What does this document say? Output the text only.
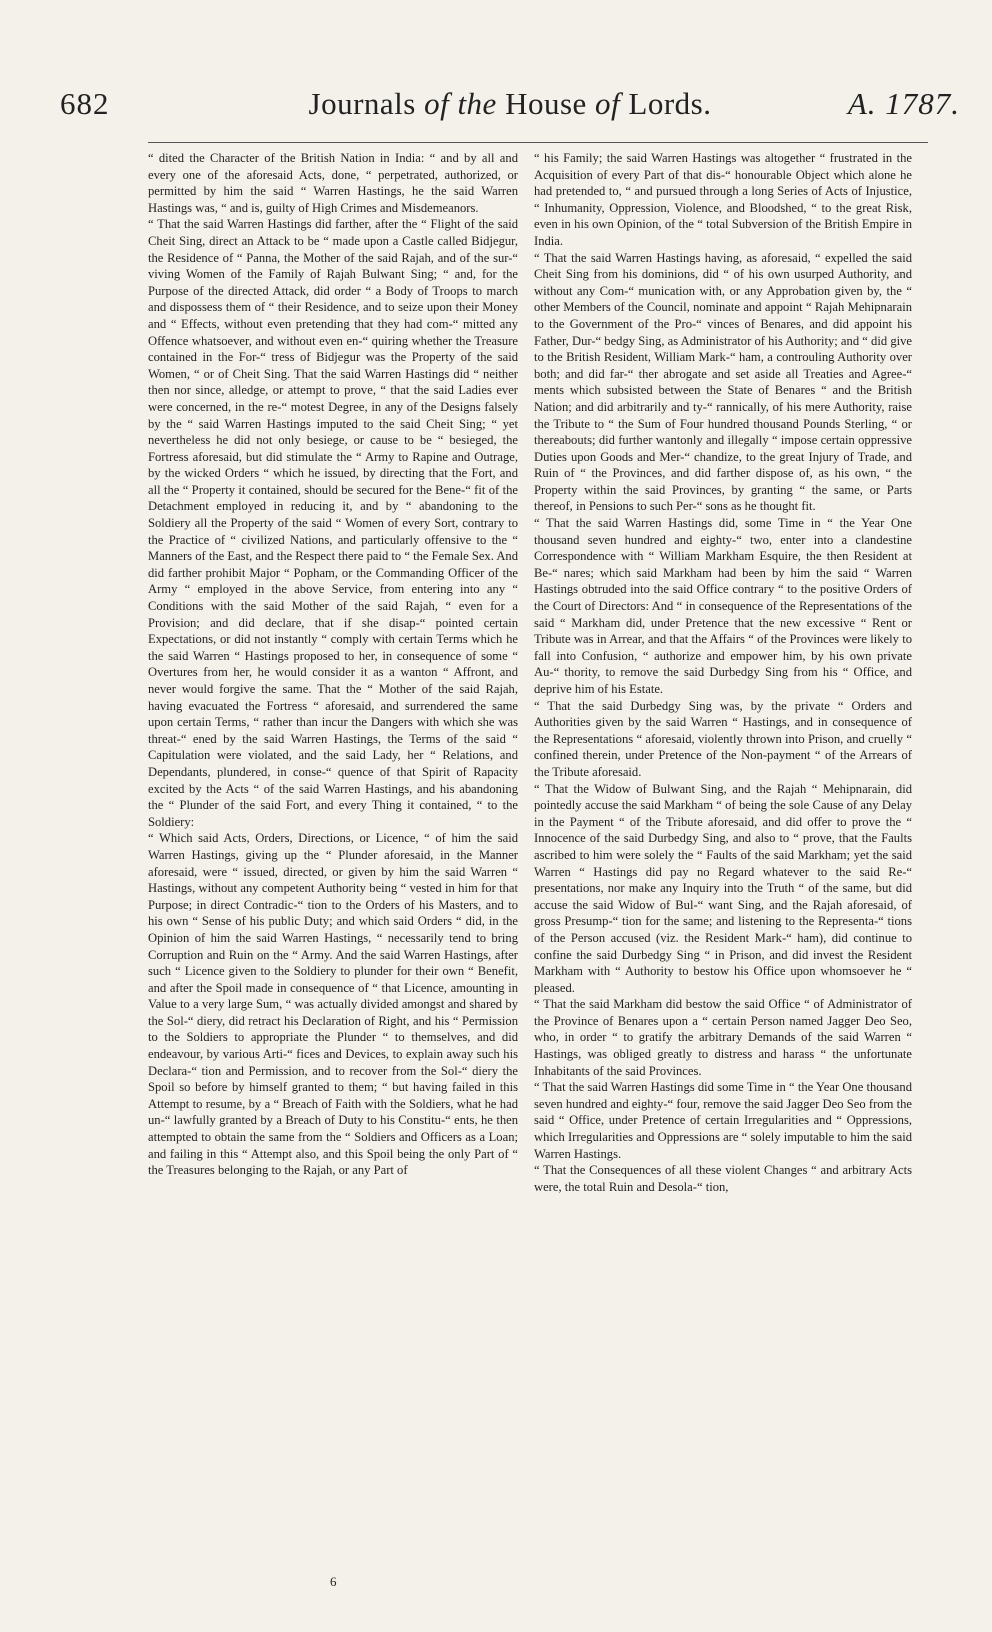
682	Journals of the House of Lords.	A. 1787.

“ dited the Character of the British Nation in India: “ and by all and every one of the aforesaid Acts, done, “ perpetrated, authorized, or permitted by him the said “ Warren Hastings, he the said Warren Hastings was, “ and is, guilty of High Crimes and Misdemeanors.

“ That the said Warren Hastings did farther, after the “ Flight of the said Cheit Sing, direct an Attack to be “ made upon a Castle called Bidjegur, the Residence of “ Panna, the Mother of the said Rajah, and of the sur-“ viving Women of the Family of Rajah Bulwant Sing; “ and, for the Purpose of the directed Attack, did order “ a Body of Troops to march and dispossess them of “ their Residence, and to seize upon their Money and “ Effects, without even pretending that they had com-“ mitted any Offence whatsoever, and without even en-“ quiring whether the Treasure contained in the For-“ tress of Bidjegur was the Property of the said Women, “ or of Cheit Sing. That the said Warren Hastings did “ neither then nor since, alledge, or attempt to prove, “ that the said Ladies ever were concerned, in the re-“ motest Degree, in any of the Designs falsely by the “ said Warren Hastings imputed to the said Cheit Sing; “ yet nevertheless he did not only besiege, or cause to be “ besieged, the Fortress aforesaid, but did stimulate the “ Army to Rapine and Outrage, by the wicked Orders “ which he issued, by directing that the Fort, and all the “ Property it contained, should be secured for the Bene-“ fit of the Detachment employed in reducing it, and by “ abandoning to the Soldiery all the Property of the said “ Women of every Sort, contrary to the Practice of “ civilized Nations, and particularly offensive to the “ Manners of the East, and the Respect there paid to “ the Female Sex. And did farther prohibit Major “ Popham, or the Commanding Officer of the Army “ employed in the above Service, from entering into any “ Conditions with the said Mother of the said Rajah, “ even for a Provision; and did declare, that if she disap-“ pointed certain Expectations, or did not instantly “ comply with certain Terms which he the said Warren “ Hastings proposed to her, in consequence of some “ Overtures from her, he would consider it as a wanton “ Affront, and never would forgive the same. That the “ Mother of the said Rajah, having evacuated the Fortress “ aforesaid, and surrendered the same upon certain Terms, “ rather than incur the Dangers with which she was threat-“ ened by the said Warren Hastings, the Terms of the said “ Capitulation were violated, and the said Lady, her “ Relations, and Dependants, plundered, in conse-“ quence of that Spirit of Rapacity excited by the Acts “ of the said Warren Hastings, and his abandoning the “ Plunder of the said Fort, and every Thing it contained, “ to the Soldiery:

“ Which said Acts, Orders, Directions, or Licence, “ of him the said Warren Hastings, giving up the “ Plunder aforesaid, in the Manner aforesaid, were “ issued, directed, or given by him the said Warren “ Hastings, without any competent Authority being “ vested in him for that Purpose; in direct Contradic-“ tion to the Orders of his Masters, and to his own “ Sense of his public Duty; and which said Orders “ did, in the Opinion of him the said Warren Hastings, “ necessarily tend to bring Corruption and Ruin on the “ Army. And the said Warren Hastings, after such “ Licence given to the Soldiery to plunder for their own “ Benefit, and after the Spoil made in consequence of “ that Licence, amounting in Value to a very large Sum, “ was actually divided amongst and shared by the Sol-“ diery, did retract his Declaration of Right, and his “ Permission to the Soldiers to appropriate the Plunder “ to themselves, and did endeavour, by various Arti-“ fices and Devices, to explain away such his Declara-“ tion and Permission, and to recover from the Sol-“ diery the Spoil so before by himself granted to them; “ but having failed in this Attempt to resume, by a “ Breach of Faith with the Soldiers, what he had un-“ lawfully granted by a Breach of Duty to his Constitu-“ ents, he then attempted to obtain the same from the “ Soldiers and Officers as a Loan; and failing in this “ Attempt also, and this Spoil being the only Part of “ the Treasures belonging to the Rajah, or any Part of

“ his Family; the said Warren Hastings was altogether “ frustrated in the Acquisition of every Part of that dis-“ honourable Object which alone he had pretended to, “ and pursued through a long Series of Acts of Injustice, “ Inhumanity, Oppression, Violence, and Bloodshed, “ to the great Risk, even in his own Opinion, of the “ total Subversion of the British Empire in India.

“ That the said Warren Hastings having, as aforesaid, “ expelled the said Cheit Sing from his dominions, did “ of his own usurped Authority, and without any Com-“ munication with, or any Approbation given by, the “ other Members of the Council, nominate and appoint “ Rajah Mehipnarain to the Government of the Pro-“ vinces of Benares, and did appoint his Father, Dur-“ bedgy Sing, as Administrator of his Authority; and “ did give to the British Resident, William Mark-“ ham, a controuling Authority over both; and did far-“ ther abrogate and set aside all Treaties and Agree-“ ments which subsisted between the State of Benares “ and the British Nation; and did arbitrarily and ty-“ rannically, of his mere Authority, raise the Tribute to “ the Sum of Four hundred thousand Pounds Sterling, “ or thereabouts; did further wantonly and illegally “ impose certain oppressive Duties upon Goods and Mer-“ chandize, to the great Injury of Trade, and Ruin of “ the Provinces, and did farther dispose of, as his own, “ the Property within the said Provinces, by granting “ the same, or Parts thereof, in Pensions to such Per-“ sons as he thought fit.

“ That the said Warren Hastings did, some Time in “ the Year One thousand seven hundred and eighty-“ two, enter into a clandestine Correspondence with “ William Markham Esquire, the then Resident at Be-“ nares; which said Markham had been by him the said “ Warren Hastings obtruded into the said Office contrary “ to the positive Orders of the Court of Directors: And “ in consequence of the Representations of the said “ Markham did, under Pretence that the new excessive “ Rent or Tribute was in Arrear, and that the Affairs “ of the Provinces were likely to fall into Confusion, “ authorize and empower him, by his own private Au-“ thority, to remove the said Durbedgy Sing from his “ Office, and deprive him of his Estate.

“ That the said Durbedgy Sing was, by the private “ Orders and Authorities given by the said Warren “ Hastings, and in consequence of the Representations “ aforesaid, violently thrown into Prison, and cruelly “ confined therein, under Pretence of the Non-payment “ of the Arrears of the Tribute aforesaid.

“ That the Widow of Bulwant Sing, and the Rajah “ Mehipnarain, did pointedly accuse the said Markham “ of being the sole Cause of any Delay in the Payment “ of the Tribute aforesaid, and did offer to prove the “ Innocence of the said Durbedgy Sing, and also to “ prove, that the Faults ascribed to him were solely the “ Faults of the said Markham; yet the said Warren “ Hastings did pay no Regard whatever to the said Re-“ presentations, nor make any Inquiry into the Truth “ of the same, but did accuse the said Widow of Bul-“ want Sing, and the Rajah aforesaid, of gross Presump-“ tion for the same; and listening to the Representa-“ tions of the Person accused (viz. the Resident Mark-“ ham), did continue to confine the said Durbedgy Sing “ in Prison, and did invest the Resident Markham with “ Authority to bestow his Office upon whomsoever he “ pleased.

“ That the said Markham did bestow the said Office “ of Administrator of the Province of Benares upon a “ certain Person named Jagger Deo Seo, who, in order “ to gratify the arbitrary Demands of the said Warren “ Hastings, was obliged greatly to distress and harass “ the unfortunate Inhabitants of the said Provinces.

“ That the said Warren Hastings did some Time in “ the Year One thousand seven hundred and eighty-“ four, remove the said Jagger Deo Seo from the said “ Office, under Pretence of certain Irregularities and “ Oppressions, which Irregularities and Oppressions are “ solely imputable to him the said Warren Hastings.

“ That the Consequences of all these violent Changes “ and arbitrary Acts were, the total Ruin and Desola-“ tion,

6
